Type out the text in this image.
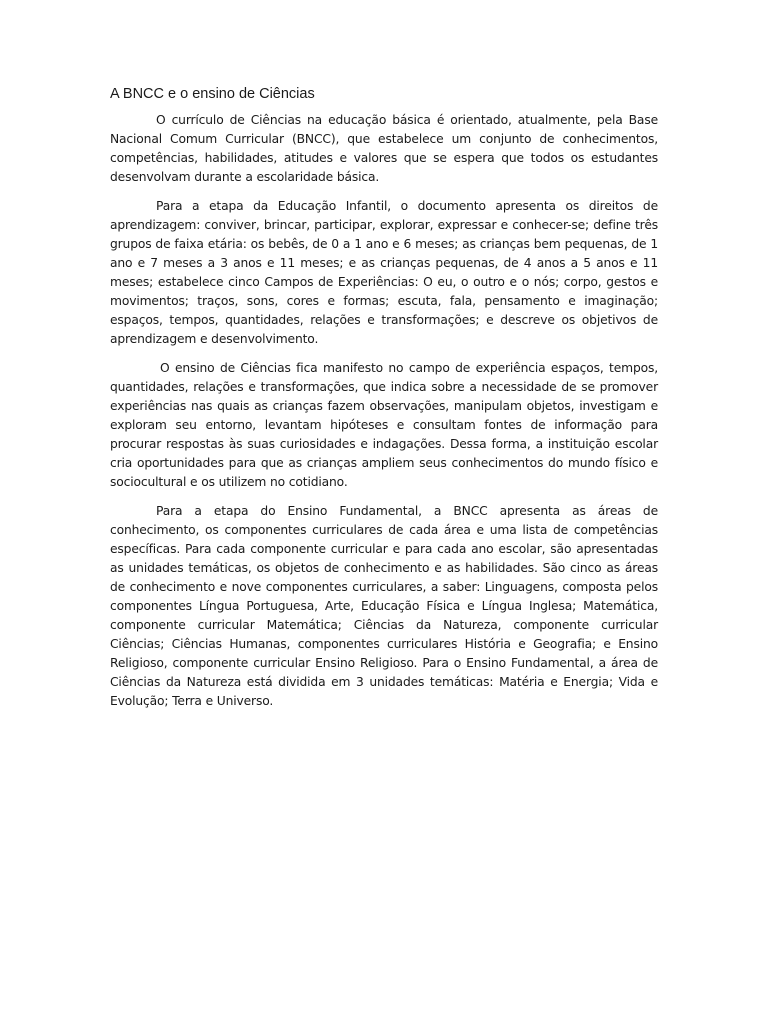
A BNCC e o ensino de Ciências

O currículo de Ciências na educação básica é orientado, atualmente, pela Base Nacional Comum Curricular (BNCC), que estabelece um conjunto de conhecimentos, competências, habilidades, atitudes e valores que se espera que todos os estudantes desenvolvam durante a escolaridade básica.

Para a etapa da Educação Infantil, o documento apresenta os direitos de aprendizagem: conviver, brincar, participar, explorar, expressar e conhecer-se; define três grupos de faixa etária: os bebês, de 0 a 1 ano e 6 meses; as crianças bem pequenas, de 1 ano e 7 meses a 3 anos e 11 meses; e as crianças pequenas, de 4 anos a 5 anos e 11 meses; estabelece cinco Campos de Experiências: O eu, o outro e o nós; corpo, gestos e movimentos; traços, sons, cores e formas; escuta, fala, pensamento e imaginação; espaços, tempos, quantidades, relações e transformações; e descreve os objetivos de aprendizagem e desenvolvimento.

O ensino de Ciências fica manifesto no campo de experiência espaços, tempos, quantidades, relações e transformações, que indica sobre a necessidade de se promover experiências nas quais as crianças fazem observações, manipulam objetos, investigam e exploram seu entorno, levantam hipóteses e consultam fontes de informação para procurar respostas às suas curiosidades e indagações. Dessa forma, a instituição escolar cria oportunidades para que as crianças ampliem seus conhecimentos do mundo físico e sociocultural e os utilizem no cotidiano.

Para a etapa do Ensino Fundamental, a BNCC apresenta as áreas de conhecimento, os componentes curriculares de cada área e uma lista de competências específicas. Para cada componente curricular e para cada ano escolar, são apresentadas as unidades temáticas, os objetos de conhecimento e as habilidades. São cinco as áreas de conhecimento e nove componentes curriculares, a saber: Linguagens, composta pelos componentes Língua Portuguesa, Arte, Educação Física e Língua Inglesa; Matemática, componente curricular Matemática; Ciências da Natureza, componente curricular Ciências; Ciências Humanas, componentes curriculares História e Geografia; e Ensino Religioso, componente curricular Ensino Religioso. Para o Ensino Fundamental, a área de Ciências da Natureza está dividida em 3 unidades temáticas: Matéria e Energia; Vida e Evolução; Terra e Universo.
